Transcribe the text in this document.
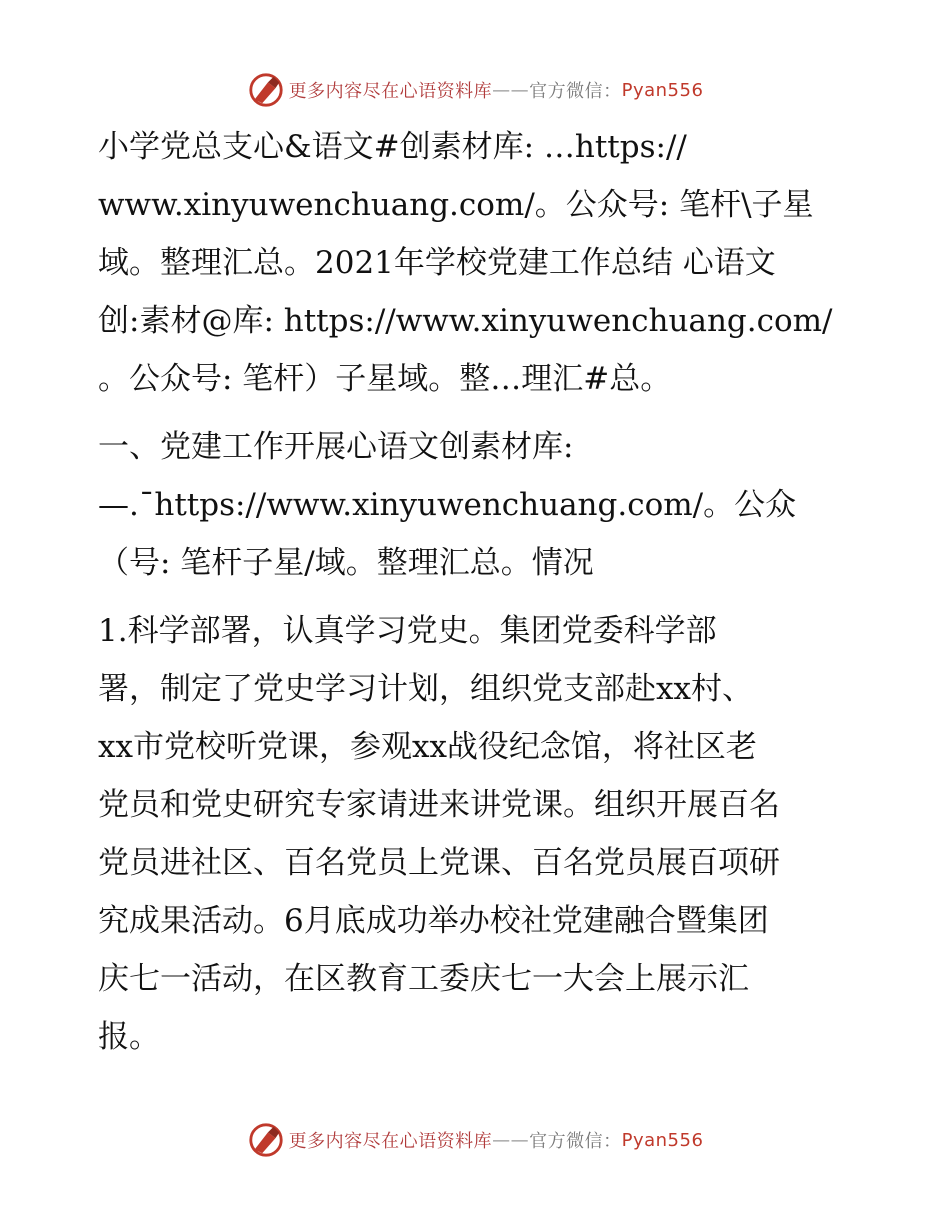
更多内容尽在心语资料库 —— 官方微信： Pyan556

小学党总支心&语文#创素材库: …https://
www.xinyuwenchuang.com/。公众号: 笔杆\子星
域。整理汇总。2021年学校党建工作总结 心语文
创:素材@库: https://www.xinyuwenchuang.com/
。公众号: 笔杆）子星域。整…理汇#总。

一、党建工作开展心语文创素材库:
—.¯https://www.xinyuwenchuang.com/。公众
（号: 笔杆子星/域。整理汇总。情况

1.科学部署，认真学习党史。集团党委科学部
署，制定了党史学习计划，组织党支部赴xx村、
xx市党校听党课，参观xx战役纪念馆，将社区老
党员和党史研究专家请进来讲党课。组织开展百名
党员进社区、百名党员上党课、百名党员展百项研
究成果活动。6月底成功举办校社党建融合暨集团
庆七一活动，在区教育工委庆七一大会上展示汇
报。

更多内容尽在心语资料库 —— 官方微信： Pyan556
